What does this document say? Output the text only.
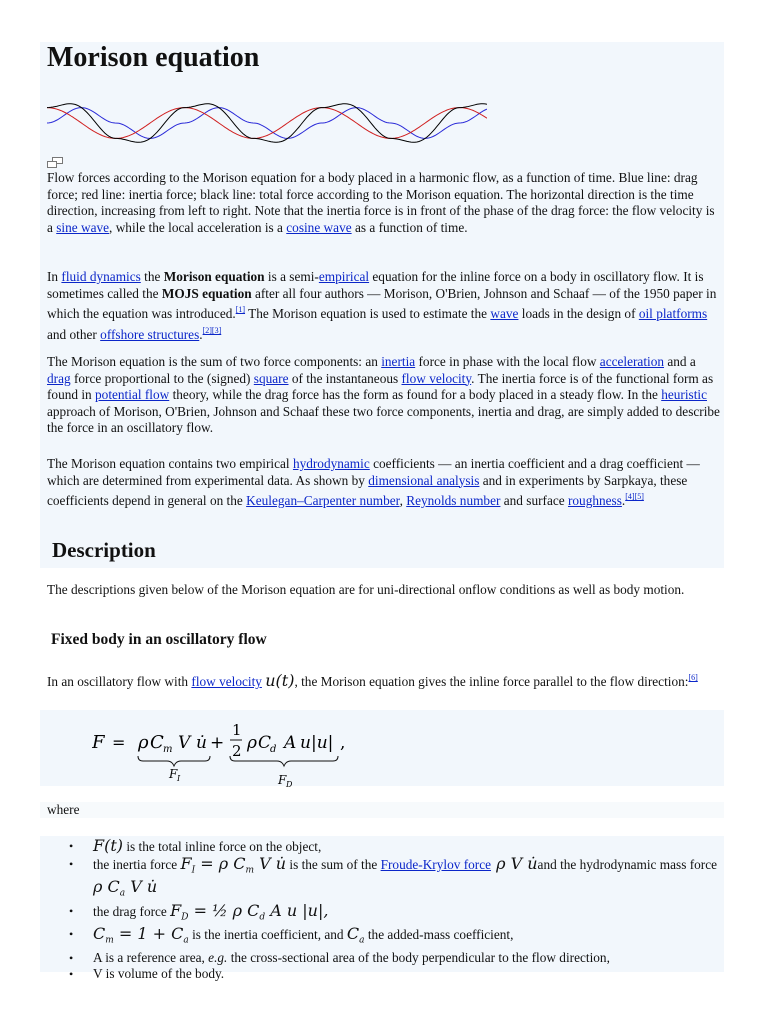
Morison equation

Flow forces according to the Morison equation for a body placed in a harmonic flow, as a function of time. Blue line: drag force; red line: inertia force; black line: total force according to the Morison equation. The horizontal direction is the time direction, increasing from left to right. Note that the inertia force is in front of the phase of the drag force: the flow velocity is a sine wave, while the local acceleration is a cosine wave as a function of time.

In fluid dynamics the Morison equation is a semi-empirical equation for the inline force on a body in oscillatory flow. It is sometimes called the MOJS equation after all four authors — Morison, O'Brien, Johnson and Schaaf — of the 1950 paper in which the equation was introduced.[1] The Morison equation is used to estimate the wave loads in the design of oil platforms and other offshore structures.[2][3]

The Morison equation is the sum of two force components: an inertia force in phase with the local flow acceleration and a drag force proportional to the (signed) square of the instantaneous flow velocity. The inertia force is of the functional form as found in potential flow theory, while the drag force has the form as found for a body placed in a steady flow. In the heuristic approach of Morison, O'Brien, Johnson and Schaaf these two force components, inertia and drag, are simply added to describe the force in an oscillatory flow.

The Morison equation contains two empirical hydrodynamic coefficients — an inertia coefficient and a drag coefficient — which are determined from experimental data. As shown by dimensional analysis and in experiments by Sarpkaya, these coefficients depend in general on the Keulegan–Carpenter number, Reynolds number and surface roughness.[4][5]

Description

The descriptions given below of the Morison equation are for uni-directional onflow conditions as well as body motion.

Fixed body in an oscillatory flow

In an oscillatory flow with flow velocity u(t), the Morison equation gives the inline force parallel to the flow direction:[6]

F = ρ C m V u̇ +
1
2 ρ C
d A u |u| ,
F I	F D

where

• F(t) is the total inline force on the object,
• the inertia force $F_I = \rho$ $C_m$ V u̇ is the sum of the Froude-Krylov force ρ V u̇and the hydrodynamic mass force ρ $C_a$ V u̇
• the drag force $F_D$ = ½ ρ $C_d$ A u |u|,
• $C_m = 1 + C_a$ is the inertia coefficient, and $C_a$ the added-mass coefficient,
• A is a reference area, e.g. the cross-sectional area of the body perpendicular to the flow direction,
• V is volume of the body.
